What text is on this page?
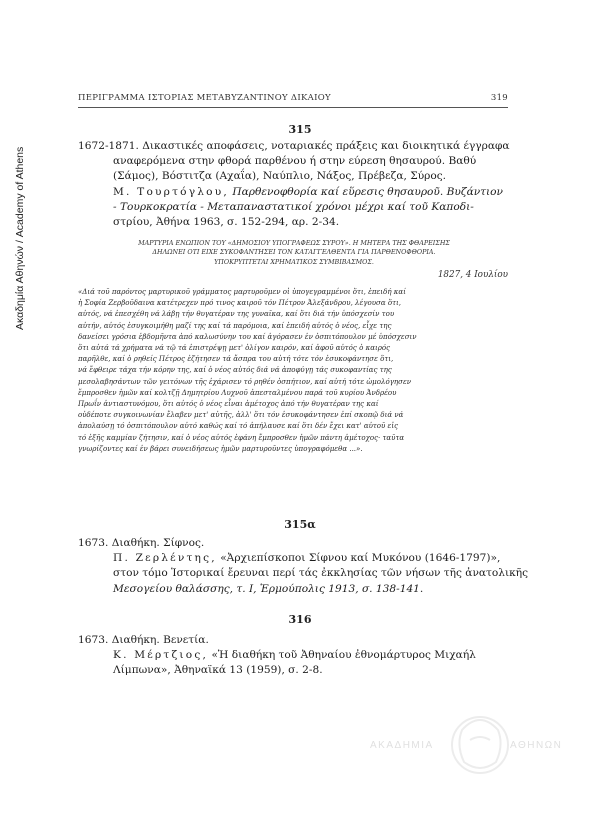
Ακαδημία Αθηνών / Academy of Athens
ΠΕΡΙΓΡΑΜΜΑ ΙΣΤΟΡΙΑΣ ΜΕΤΑΒΥΖΑΝΤΙΝΟΥ ΔΙΚΑΙΟΥ	319
315
1672-1871. Δικαστικές αποφάσεις, νοταριακές πράξεις και διοικητικά έγγραφα
αναφερόμενα στην φθορά παρθένου ή στην εύρεση θησαυρού. Βαθύ
(Σάμος), Βόστιτζα (Αχαΐα), Ναύπλιο, Νάξος, Πρέβεζα, Σύρος.
Μ. Τουρτόγλου, Παρθενοφθορία καί εὕρεσις θησαυροῦ. Βυζάντιον
- Τουρκοκρατία - Μεταπαναστατικοί χρόνοι μέχρι καί τοῦ Καποδι-
στρίου, Ἀθήνα 1963, σ. 152-294, αρ. 2-34.
ΜΑΡΤΥΡΙΑ ΕΝΩΠΙΟΝ ΤΟΥ «ΔΗΜΟΣΙΟΥ ΥΠΟΓΡΑΦΕΩΣ ΣΥΡΟΥ». Η ΜΗΤΕΡΑ ΤΗΣ ΦΘΑΡΕΙΣΗΣ
ΔΗΛΩΝΕΙ ΟΤΙ ΕΙΧΕ ΣΥΚΟΦΑΝΤΗΣΕΙ ΤΟΝ ΚΑΤΑΓΓΕΛΘΕΝΤΑ ΓΙΑ ΠΑΡΘΕΝΟΦΘΟΡΙΑ.
ΥΠΟΚΡΥΠΤΕΤΑΙ ΧΡΗΜΑΤΙΚΟΣ ΣΥΜΒΙΒΑΣΜΟΣ.
1827, 4 Ιουλίου
«Διά τοῦ παρόντος μαρτυρικοῦ γράμματος μαρτυροῦμεν οἱ ὑπογεγραμμένοι ὅτι, ἐπειδή καί
ἡ Σοφία Ζερβοῦδαινα κατέτρεχεν πρό τινος καιροῦ τόν Πέτρον Ἀλεξάνδρου, λέγουσα ὅτι,
αὐτός, νά ἐπεσχέθη νά λάβῃ τήν θυγατέραν της γυναῖκα, καί ὅτι διά τήν ὑπόσχεσίν του
αὐτήν, αὐτός ἐσυγκοιμήθη μαζί της καί τά παρόμοια, καί ἐπειδή αὐτός ὁ νέος, εἶχε της
δανείσει γρόσια ἑβδομῆντα ἀπό καλωσύνην του καί ἀγόρασεν ἐν ὀσπιτόπουλον μέ ὑπόσχεσιν
ὅτι αὐτά τά χρήματα νά τῷ τά ἐπιστρέψῃ μετ' ὀλίγον καιρόν, καί ἀφοῦ αὐτός ὁ καιρός
παρῆλθε, καί ὁ ρηθείς Πέτρος ἐζήτησεν τά ἄσπρα του αὐτή τότε τόν ἐσυκοφάντησε ὅτι,
νά ἔφθειρε τάχα τήν κόρην της, καί ὁ νέος αὐτός διά νά ἀποφύγῃ τάς συκοφαντίας της
μεσολαβησάντων τῶν γειτόνων τῆς ἐχάρισεν τό ρηθέν ὀσπήτιον, καί αὐτή τότε ὡμολόγησεν
ἔμπροσθεν ἡμῶν καί κολτζῇ Δημητρίου Λυχνοῦ ἀπεσταλμένου παρά τοῦ κυρίου Ἀνδρέου
Πρωΐν ἀντιαστυνόμου, ὅτι αὐτός ὁ νέος εἶναι ἀμέτοχος ἀπό τήν θυγατέραν της καί
οὐδέποτε συγκοινωνίαν ἔλαβεν μετ' αὐτῆς, ἀλλ' ὅτι τόν ἐσυκοφάντησεν ἐπί σκοπῷ διά νά
ἀπολαύσῃ τό ὀσπιτόπουλον αὐτό καθώς καί τό ἀπήλαυσε καί ὅτι δέν ἔχει κατ' αὐτοῦ εἰς
τό ἑξῆς καμμίαν ζήτησιν, καί ὁ νέος αὐτός ἐφάνη ἔμπροσθεν ἡμῶν πάντη ἀμέτοχος· ταῦτα
γνωρίζοντες καί ἐν βάρει συνειδήσεως ἡμῶν μαρτυροῦντες ὑπογραφόμεθα ...».
315α
1673. Διαθήκη. Σίφνος.
Π. Ζερλέντης, «Ἀρχιεπίσκοποι Σίφνου καί Μυκόνου (1646-1797)»,
στον τόμο Ἱστορικαί ἔρευναι περί τάς ἐκκλησίας τῶν νήσων τῆς ἀνατολικῆς
Μεσογείου θαλάσσης, τ. Ι, Ἑρμούπολις 1913, σ. 138-141.
316
1673. Διαθήκη. Βενετία.
Κ. Μέρτζιος, «Ἡ διαθήκη τοῦ Ἀθηναίου ἐθνομάρτυρος Μιχαήλ
Λίμπωνα», Ἀθηναϊκά 13 (1959), σ. 2-8.
ΑΚΑΔΗΜΙΑ	ΑΘΗΝΩΝ
